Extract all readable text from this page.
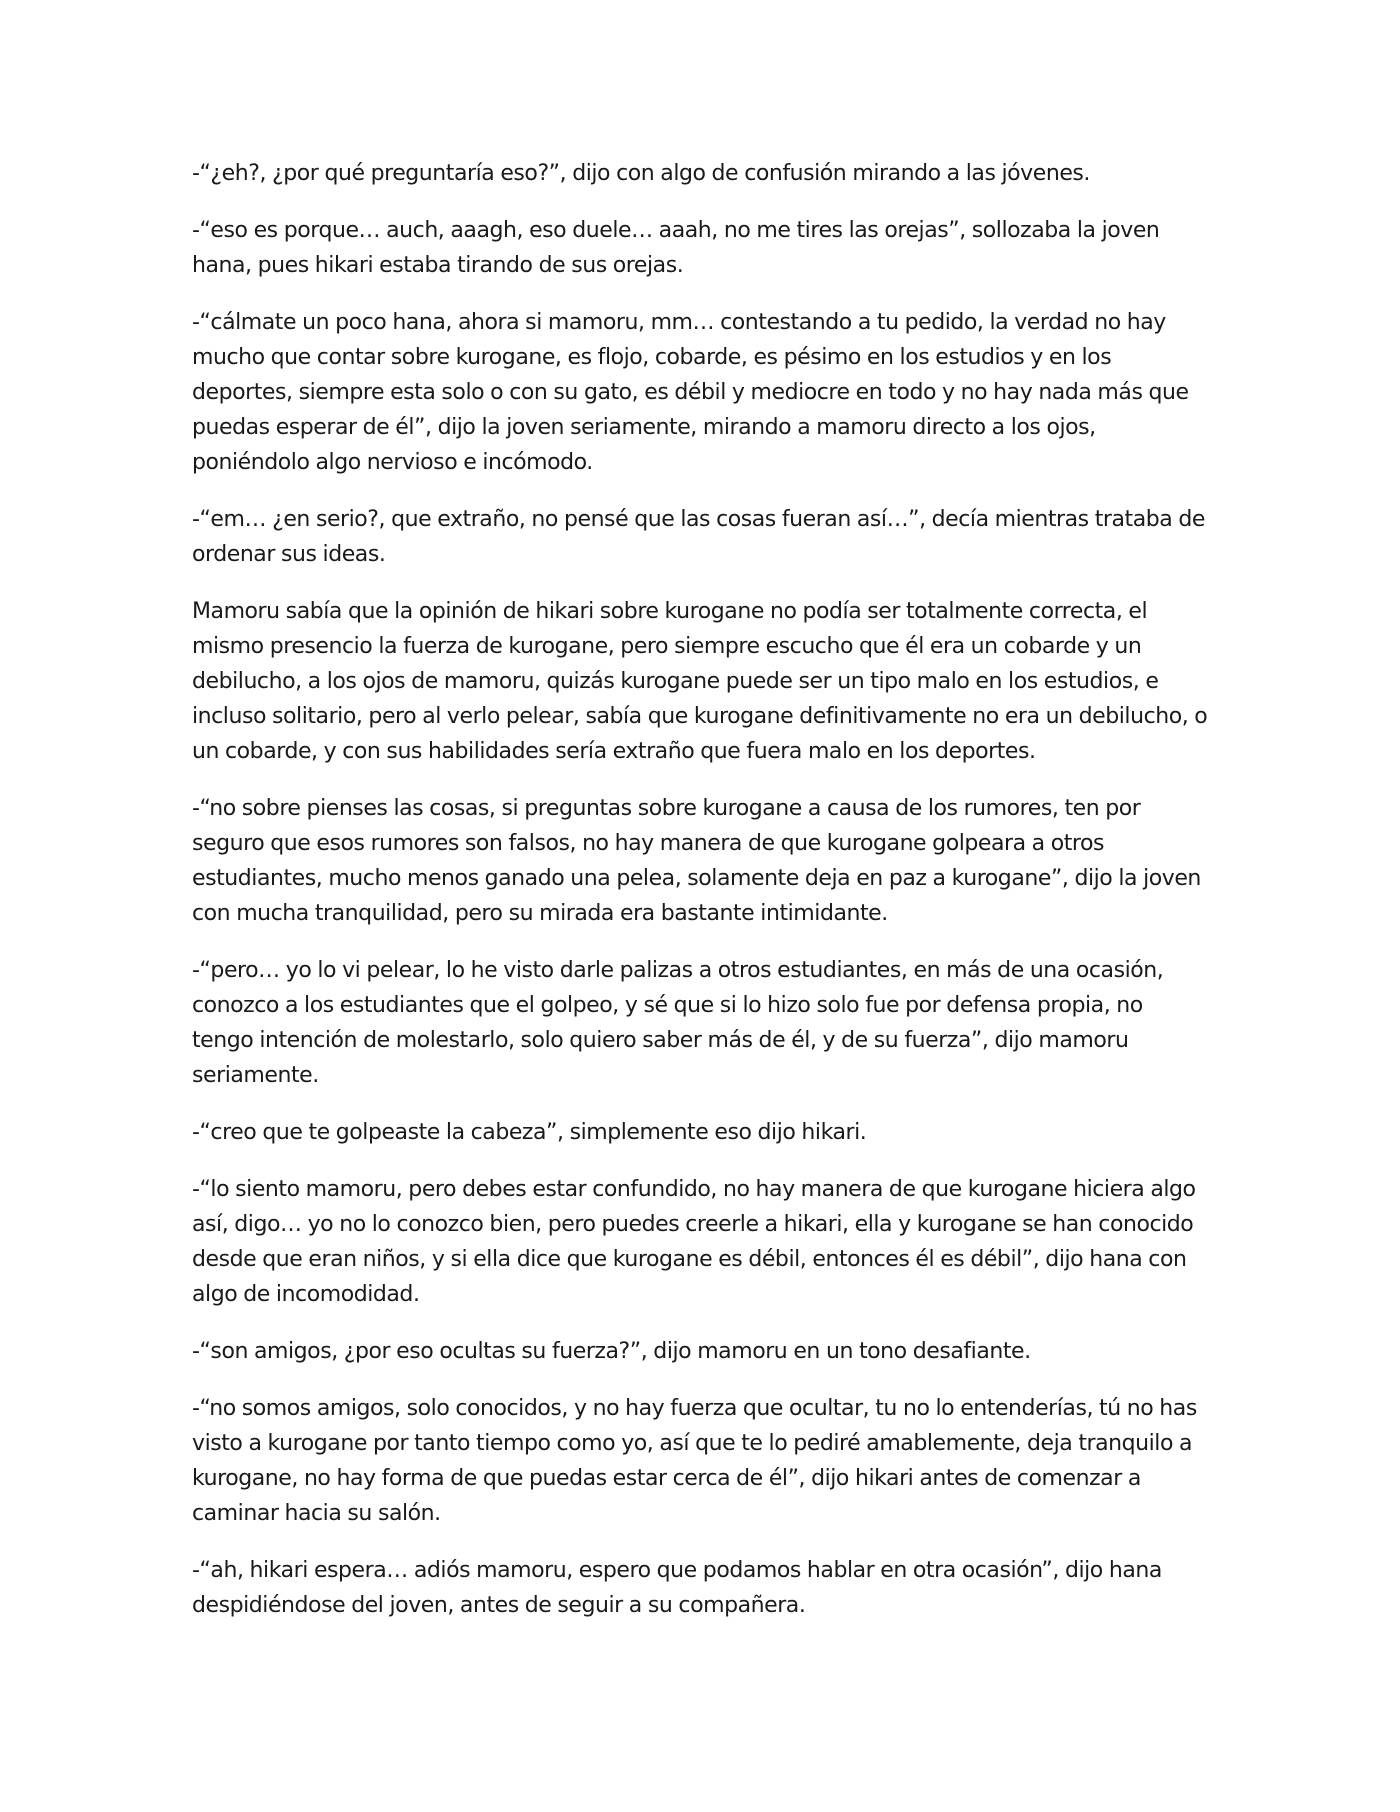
-“¿eh?, ¿por qué preguntaría eso?”, dijo con algo de confusión mirando a las jóvenes.

-“eso es porque… auch, aaagh, eso duele… aaah, no me tires las orejas”, sollozaba la joven hana, pues hikari estaba tirando de sus orejas.

-“cálmate un poco hana, ahora si mamoru, mm… contestando a tu pedido, la verdad no hay mucho que contar sobre kurogane, es flojo, cobarde, es pésimo en los estudios y en los deportes, siempre esta solo o con su gato, es débil y mediocre en todo y no hay nada más que puedas esperar de él”, dijo la joven seriamente, mirando a mamoru directo a los ojos, poniéndolo algo nervioso e incómodo.

-“em… ¿en serio?, que extraño, no pensé que las cosas fueran así…”, decía mientras trataba de ordenar sus ideas.

Mamoru sabía que la opinión de hikari sobre kurogane no podía ser totalmente correcta, el mismo presencio la fuerza de kurogane, pero siempre escucho que él era un cobarde y un debilucho, a los ojos de mamoru, quizás kurogane puede ser un tipo malo en los estudios, e incluso solitario, pero al verlo pelear, sabía que kurogane definitivamente no era un debilucho, o un cobarde, y con sus habilidades sería extraño que fuera malo en los deportes.

-“no sobre pienses las cosas, si preguntas sobre kurogane a causa de los rumores, ten por seguro que esos rumores son falsos, no hay manera de que kurogane golpeara a otros estudiantes, mucho menos ganado una pelea, solamente deja en paz a kurogane”, dijo la joven con mucha tranquilidad, pero su mirada era bastante intimidante.

-“pero… yo lo vi pelear, lo he visto darle palizas a otros estudiantes, en más de una ocasión, conozco a los estudiantes que el golpeo, y sé que si lo hizo solo fue por defensa propia, no tengo intención de molestarlo, solo quiero saber más de él, y de su fuerza”, dijo mamoru seriamente.

-“creo que te golpeaste la cabeza”, simplemente eso dijo hikari.

-“lo siento mamoru, pero debes estar confundido, no hay manera de que kurogane hiciera algo así, digo… yo no lo conozco bien, pero puedes creerle a hikari, ella y kurogane se han conocido desde que eran niños, y si ella dice que kurogane es débil, entonces él es débil”, dijo hana con algo de incomodidad.

-“son amigos, ¿por eso ocultas su fuerza?”, dijo mamoru en un tono desafiante.

-“no somos amigos, solo conocidos, y no hay fuerza que ocultar, tu no lo entenderías, tú no has visto a kurogane por tanto tiempo como yo, así que te lo pediré amablemente, deja tranquilo a kurogane, no hay forma de que puedas estar cerca de él”, dijo hikari antes de comenzar a caminar hacia su salón.

-“ah, hikari espera… adiós mamoru, espero que podamos hablar en otra ocasión”, dijo hana despidiéndose del joven, antes de seguir a su compañera.
